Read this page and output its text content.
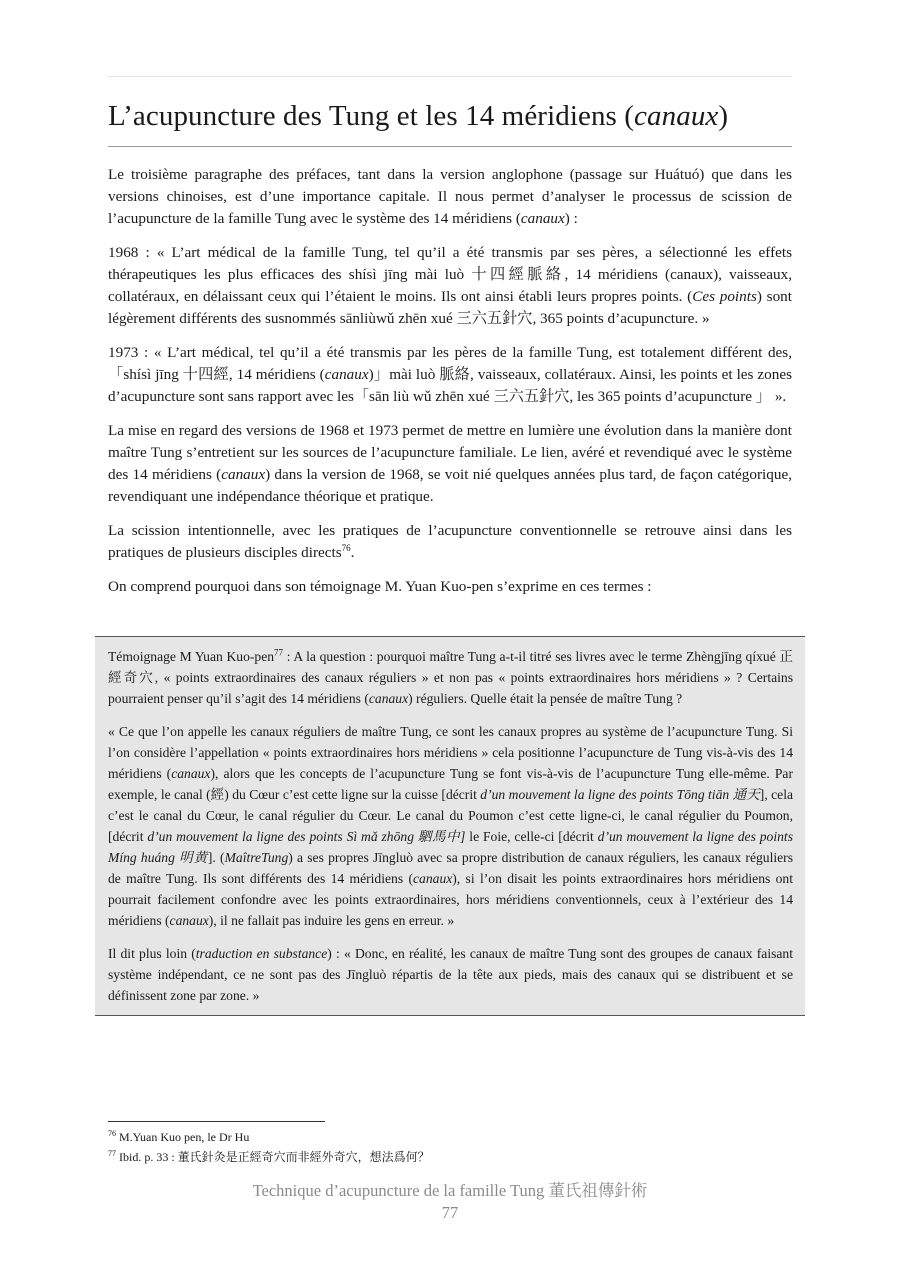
L’acupuncture des Tung et les 14 méridiens (canaux)

Le troisième paragraphe des préfaces, tant dans la version anglophone (passage sur Huátuó) que dans les versions chinoises, est d’une importance capitale. Il nous permet d’analyser le processus de scission de l’acupuncture de la famille Tung avec le système des 14 méridiens (canaux) :

1968 : « L’art médical de la famille Tung, tel qu’il a été transmis par ses pères, a sélectionné les effets thérapeutiques les plus efficaces des shísì jīng mài luò 十四經脈絡, 14 méridiens (canaux), vaisseaux, collatéraux, en délaissant ceux qui l’étaient le moins. Ils ont ainsi établi leurs propres points. (Ces points) sont légèrement différents des susnommés sānliùwǔ zhēn xué 三六五針穴, 365 points d’acupuncture. »

1973 : « L’art médical, tel qu’il a été transmis par les pères de la famille Tung, est totalement différent des, 「shísì jīng 十四經, 14 méridiens (canaux)」mài luò 脈絡, vaisseaux, collatéraux. Ainsi, les points et les zones d’acupuncture sont sans rapport avec les「sān liù wǔ zhēn xué 三六五針穴, les 365 points d’acupuncture 」 ».

La mise en regard des versions de 1968 et 1973 permet de mettre en lumière une évolution dans la manière dont maître Tung s’entretient sur les sources de l’acupuncture familiale. Le lien, avéré et revendiqué avec le système des 14 méridiens (canaux) dans la version de 1968, se voit nié quelques années plus tard, de façon catégorique, revendiquant une indépendance théorique et pratique.

La scission intentionnelle, avec les pratiques de l’acupuncture conventionnelle se retrouve ainsi dans les pratiques de plusieurs disciples directs$^{76}$.

On comprend pourquoi dans son témoignage M. Yuan Kuo-pen s’exprime en ces termes :

Témoignage M Yuan Kuo-pen$^{77}$ : A la question : pourquoi maître Tung a-t-il titré ses livres avec le terme Zhèngjīng qíxué 正經奇穴, « points extraordinaires des canaux réguliers » et non pas « points extraordinaires hors méridiens » ? Certains pourraient penser qu’il s’agit des 14 méridiens (canaux) réguliers. Quelle était la pensée de maître Tung ?

« Ce que l’on appelle les canaux réguliers de maître Tung, ce sont les canaux propres au système de l’acupuncture Tung. Si l’on considère l’appellation « points extraordinaires hors méridiens » cela positionne l’acupuncture de Tung vis-à-vis des 14 méridiens (canaux), alors que les concepts de l’acupuncture Tung se font vis-à-vis de l’acupuncture Tung elle-même. Par exemple, le canal (經) du Cœur c’est cette ligne sur la cuisse [décrit d’un mouvement la ligne des points Tōng tiān 通天], cela c’est le canal du Cœur, le canal régulier du Cœur. Le canal du Poumon c’est cette ligne-ci, le canal régulier du Poumon, [décrit d’un mouvement la ligne des points Sì mǎ zhōng 駟馬中] le Foie, celle-ci [décrit d’un mouvement la ligne des points Míng huáng 明黄]. (MaîtreTung) a ses propres Jīngluò avec sa propre distribution de canaux réguliers, les canaux réguliers de maître Tung. Ils sont différents des 14 méridiens (canaux), si l’on disait les points extraordinaires hors méridiens ont pourrait facilement confondre avec les points extraordinaires, hors méridiens conventionnels, ceux à l’extérieur des 14 méridiens (canaux), il ne fallait pas induire les gens en erreur. »

Il dit plus loin (traduction en substance) : « Donc, en réalité, les canaux de maître Tung sont des groupes de canaux faisant système indépendant, ce ne sont pas des Jīngluò répartis de la tête aux pieds, mais des canaux qui se distribuent et se définissent zone par zone. »

$^{76}$ M.Yuan Kuo pen, le Dr Hu
$^{77}$ Ibid. p. 33 : 董氏針灸是正經奇穴而非經外奇穴，想法爲何？
Technique d’acupuncture de la famille Tung 董氏祖傳針術
77
